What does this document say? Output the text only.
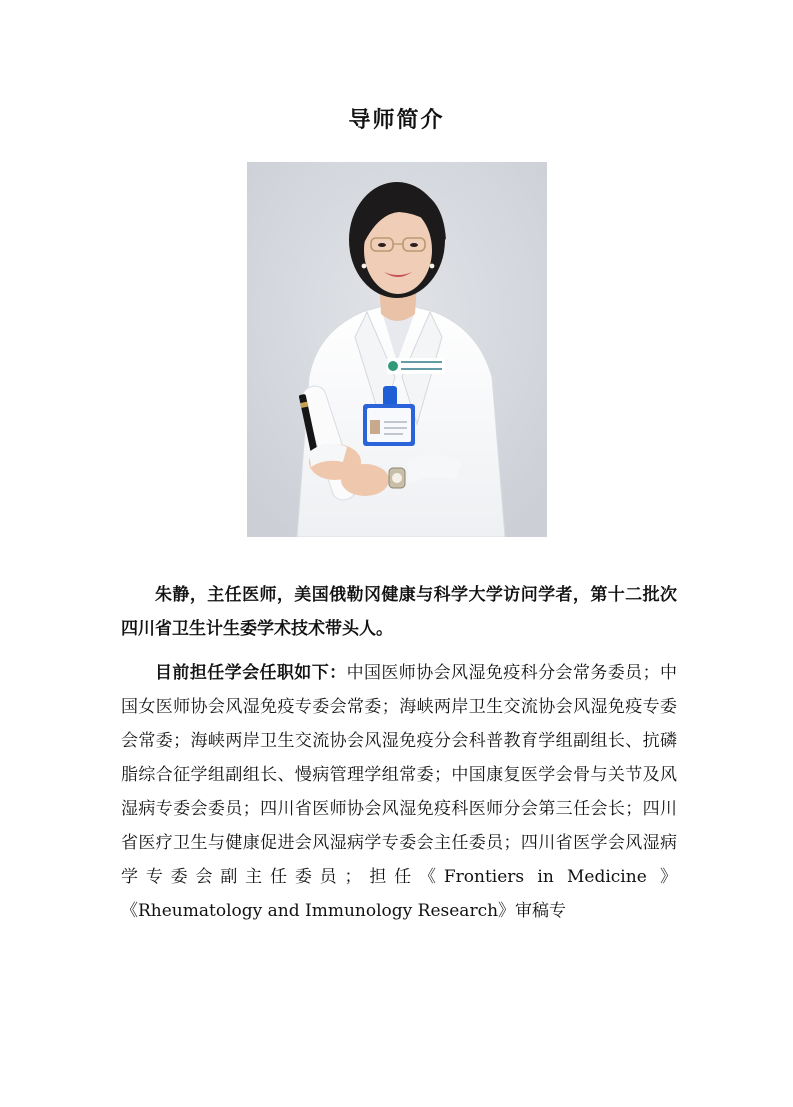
导师简介

朱静，主任医师，美国俄勒冈健康与科学大学访问学者，第十二批次四川省卫生计生委学术技术带头人。

目前担任学会任职如下：中国医师协会风湿免疫科分会常务委员；中国女医师协会风湿免疫专委会常委；海峡两岸卫生交流协会风湿免疫专委会常委；海峡两岸卫生交流协会风湿免疫分会科普教育学组副组长、抗磷脂综合征学组副组长、慢病管理学组常委；中国康复医学会骨与关节及风湿病专委会委员；四川省医师协会风湿免疫科医师分会第三任会长；四川省医疗卫生与健康促进会风湿病学专委会主任委员；四川省医学会风湿病学专委会副主任委员；担任《Frontiers in Medicine 》《Rheumatology and Immunology Research》审稿专
